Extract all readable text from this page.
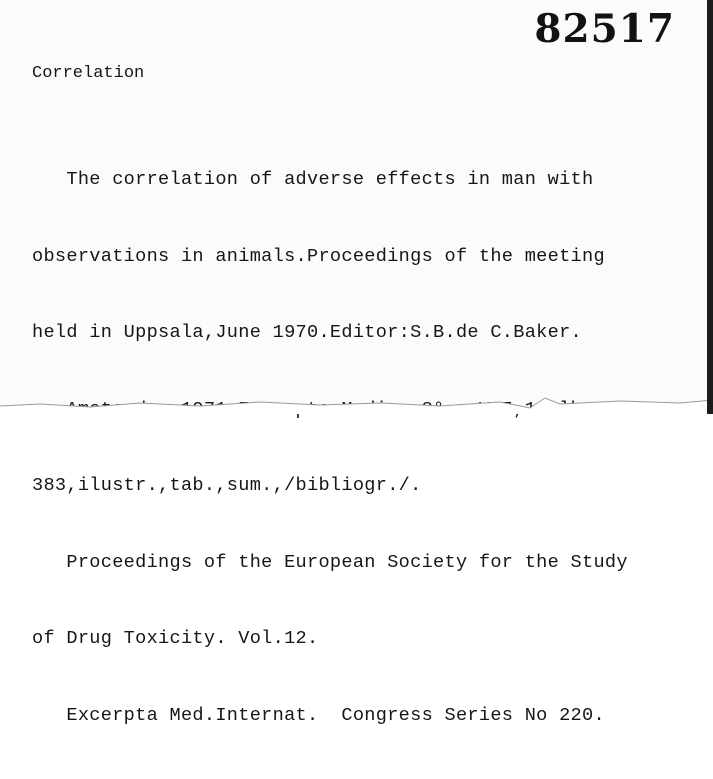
82517
Correlation

The correlation of adverse effects in man with

observations in animals.Proceedings of the meeting

held in Uppsala,June 1970.Editor:S.B.de C.Baker.

383,ilustr.,tab.,sum.,/bibliogr./.

Proceedings of the European Society for the Study

of Drug Toxicity. Vol.12.

Excerpta Med.Internat.  Congress Series No 220.
